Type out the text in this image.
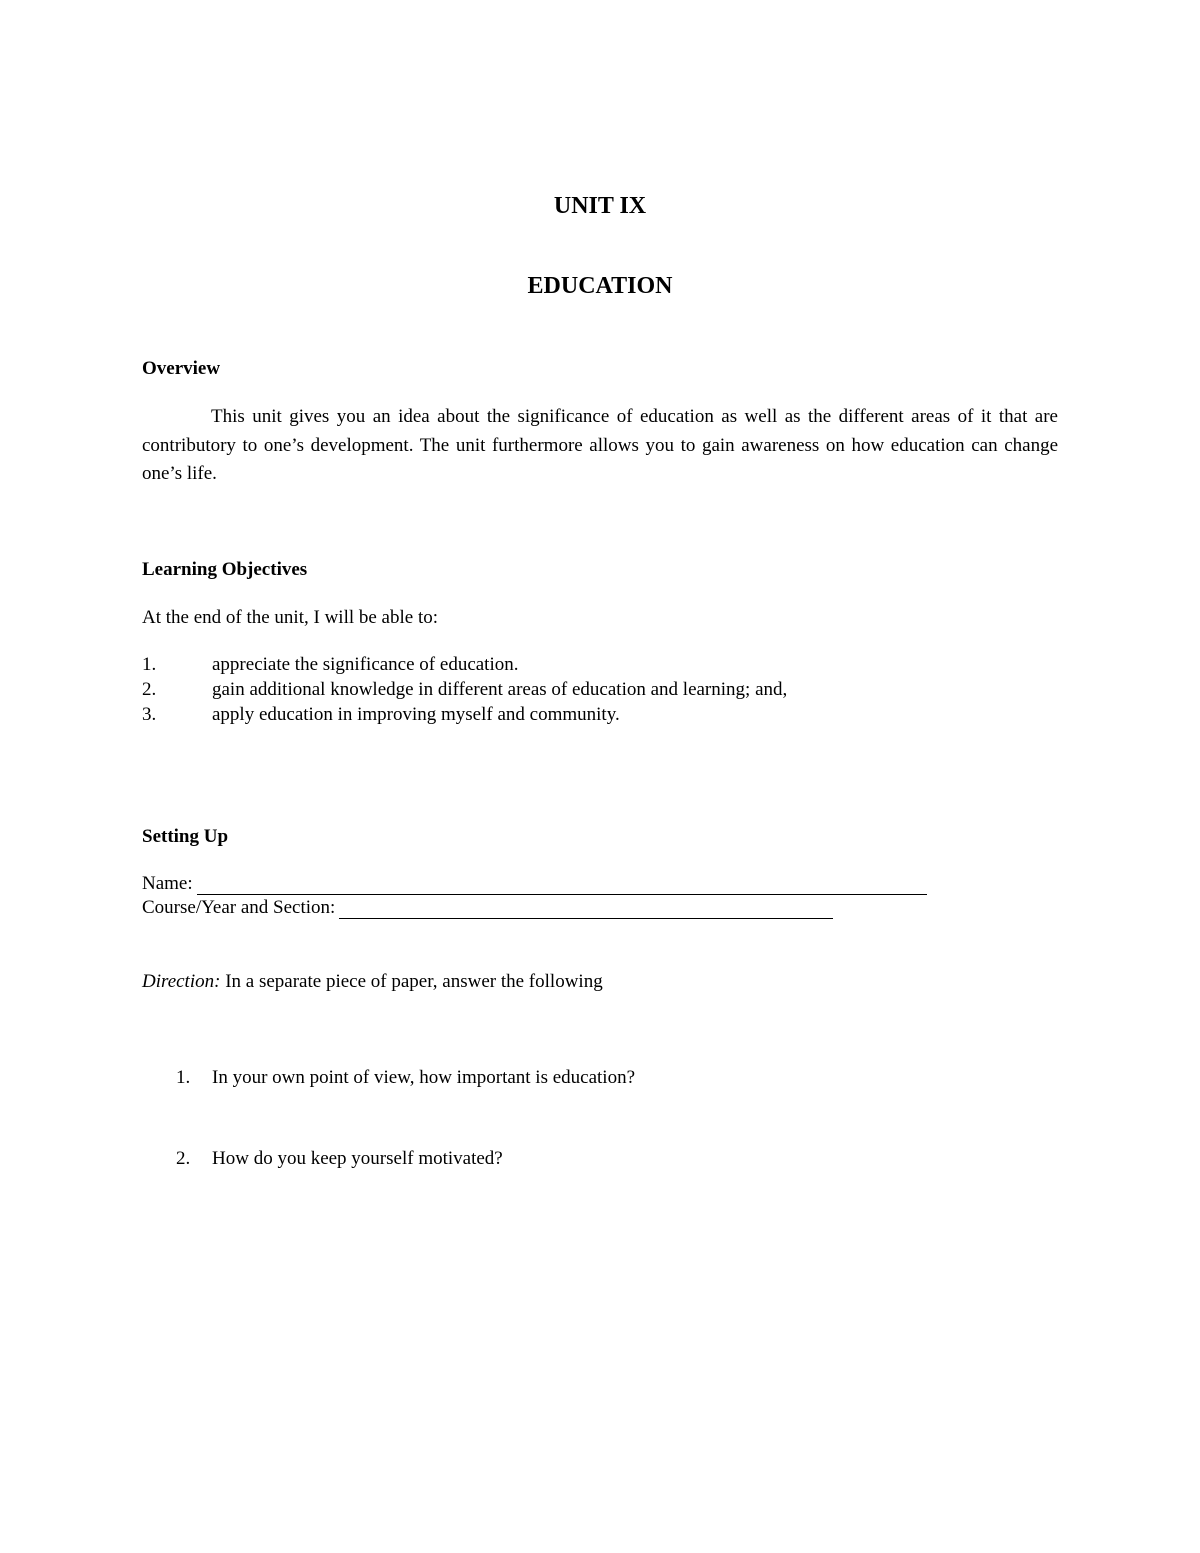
UNIT IX
EDUCATION
Overview
This unit gives you an idea about the significance of education as well as the different areas of it that are contributory to one’s development. The unit furthermore allows you to gain awareness on how education can change one’s life.
Learning Objectives
At the end of the unit, I will be able to:
1.	appreciate the significance of education.
2.	gain additional knowledge in different areas of education and learning; and,
3.	apply education in improving myself and community.
Setting Up
Name:
Course/Year and Section:
Direction: In a separate piece of paper, answer the following
1. In your own point of view, how important is education?
2. How do you keep yourself motivated?
